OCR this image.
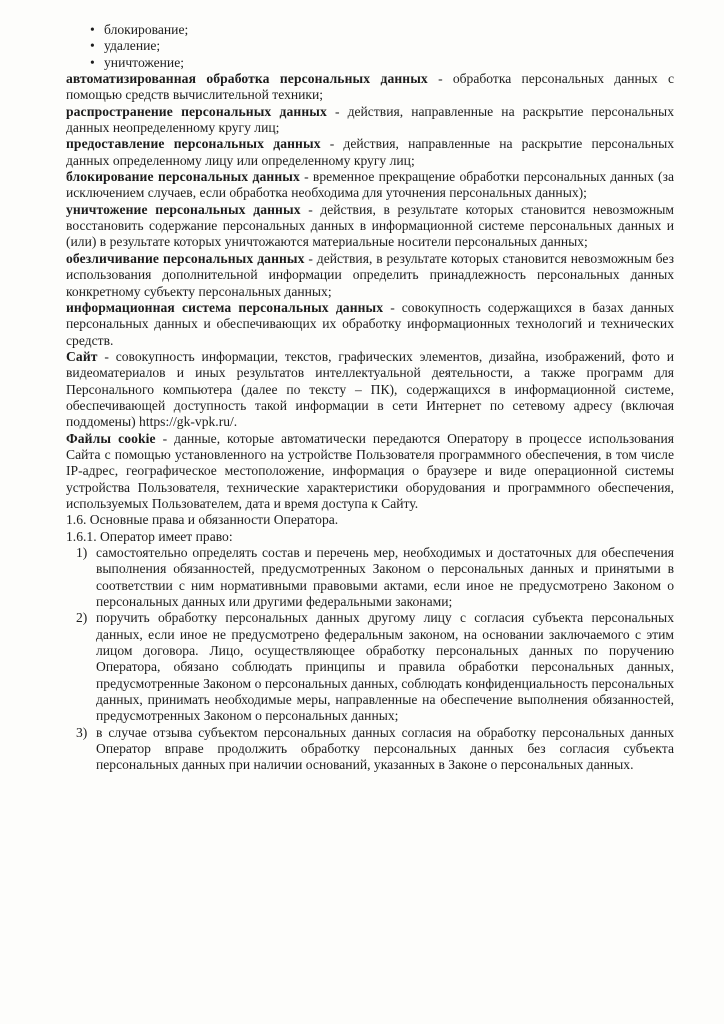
• блокирование;
• удаление;
• уничтожение;

автоматизированная обработка персональных данных - обработка персональных данных с помощью средств вычислительной техники;

распространение персональных данных - действия, направленные на раскрытие персональных данных неопределенному кругу лиц;

предоставление персональных данных - действия, направленные на раскрытие персональных данных определенному лицу или определенному кругу лиц;

блокирование персональных данных - временное прекращение обработки персональных данных (за исключением случаев, если обработка необходима для уточнения персональных данных);

уничтожение персональных данных - действия, в результате которых становится невозможным восстановить содержание персональных данных в информационной системе персональных данных и (или) в результате которых уничтожаются материальные носители персональных данных;

обезличивание персональных данных - действия, в результате которых становится невозможным без использования дополнительной информации определить принадлежность персональных данных конкретному субъекту персональных данных;

информационная система персональных данных - совокупность содержащихся в базах данных персональных данных и обеспечивающих их обработку информационных технологий и технических средств.

Сайт - совокупность информации, текстов, графических элементов, дизайна, изображений, фото и видеоматериалов и иных результатов интеллектуальной деятельности, а также программ для Персонального компьютера (далее по тексту – ПК), содержащихся в информационной системе, обеспечивающей доступность такой информации в сети Интернет по сетевому адресу (включая поддомены) https://gk-vpk.ru/.

Файлы cookie - данные, которые автоматически передаются Оператору в процессе использования Сайта с помощью установленного на устройстве Пользователя программного обеспечения, в том числе IP-адрес, географическое местоположение, информация о браузере и виде операционной системы устройства Пользователя, технические характеристики оборудования и программного обеспечения, используемых Пользователем, дата и время доступа к Сайту.

1.6. Основные права и обязанности Оператора.

1.6.1. Оператор имеет право:

1) самостоятельно определять состав и перечень мер, необходимых и достаточных для обеспечения выполнения обязанностей, предусмотренных Законом о персональных данных и принятыми в соответствии с ним нормативными правовыми актами, если иное не предусмотрено Законом о персональных данных или другими федеральными законами;
2) поручить обработку персональных данных другому лицу с согласия субъекта персональных данных, если иное не предусмотрено федеральным законом, на основании заключаемого с этим лицом договора. Лицо, осуществляющее обработку персональных данных по поручению Оператора, обязано соблюдать принципы и правила обработки персональных данных, предусмотренные Законом о персональных данных, соблюдать конфиденциальность персональных данных, принимать необходимые меры, направленные на обеспечение выполнения обязанностей, предусмотренных Законом о персональных данных;
3) в случае отзыва субъектом персональных данных согласия на обработку персональных данных Оператор вправе продолжить обработку персональных данных без согласия субъекта персональных данных при наличии оснований, указанных в Законе о персональных данных.
